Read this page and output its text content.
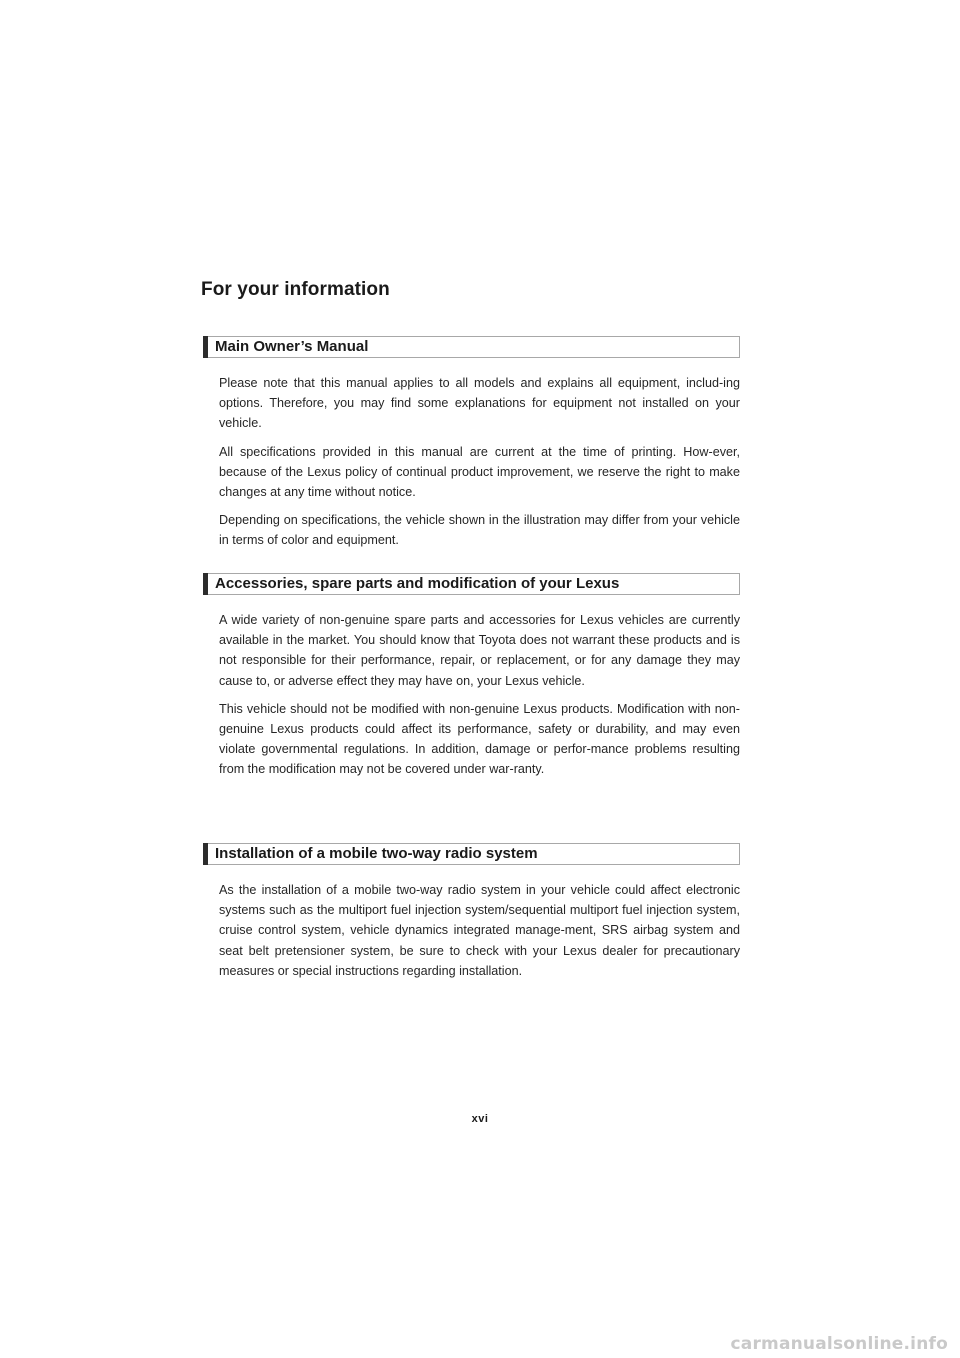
For your information
Main Owner’s Manual

Please note that this manual applies to all models and explains all equipment, includ-ing options. Therefore, you may find some explanations for equipment not installed on your vehicle.

All specifications provided in this manual are current at the time of printing. How-ever, because of the Lexus policy of continual product improvement, we reserve the right to make changes at any time without notice.

Depending on specifications, the vehicle shown in the illustration may differ from your vehicle in terms of color and equipment.

Accessories, spare parts and modification of your Lexus

A wide variety of non-genuine spare parts and accessories for Lexus vehicles are currently available in the market. You should know that Toyota does not warrant these products and is not responsible for their performance, repair, or replacement, or for any damage they may cause to, or adverse effect they may have on, your Lexus vehicle.

This vehicle should not be modified with non-genuine Lexus products. Modification with non-genuine Lexus products could affect its performance, safety or durability, and may even violate governmental regulations. In addition, damage or perfor-mance problems resulting from the modification may not be covered under war-ranty.

Installation of a mobile two-way radio system

As the installation of a mobile two-way radio system in your vehicle could affect electronic systems such as the multiport fuel injection system/sequential multiport fuel injection system, cruise control system, vehicle dynamics integrated manage-ment, SRS airbag system and seat belt pretensioner system, be sure to check with your Lexus dealer for precautionary measures or special instructions regarding installation.

xvi
carmanualsonline.info
